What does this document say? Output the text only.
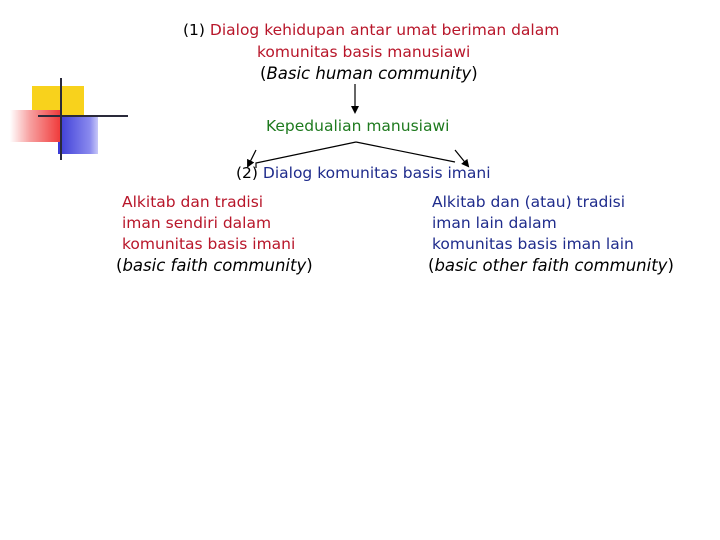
(1) Dialog kehidupan antar umat beriman dalam
komunitas basis manusiawi
(Basic human community)
Kepedualian manusiawi
(2) Dialog komunitas basis imani
Alkitab dan tradisi
iman sendiri dalam
komunitas basis imani
(basic faith community)
Alkitab dan (atau) tradisi
iman lain dalam
komunitas basis iman lain
(basic other faith community)
